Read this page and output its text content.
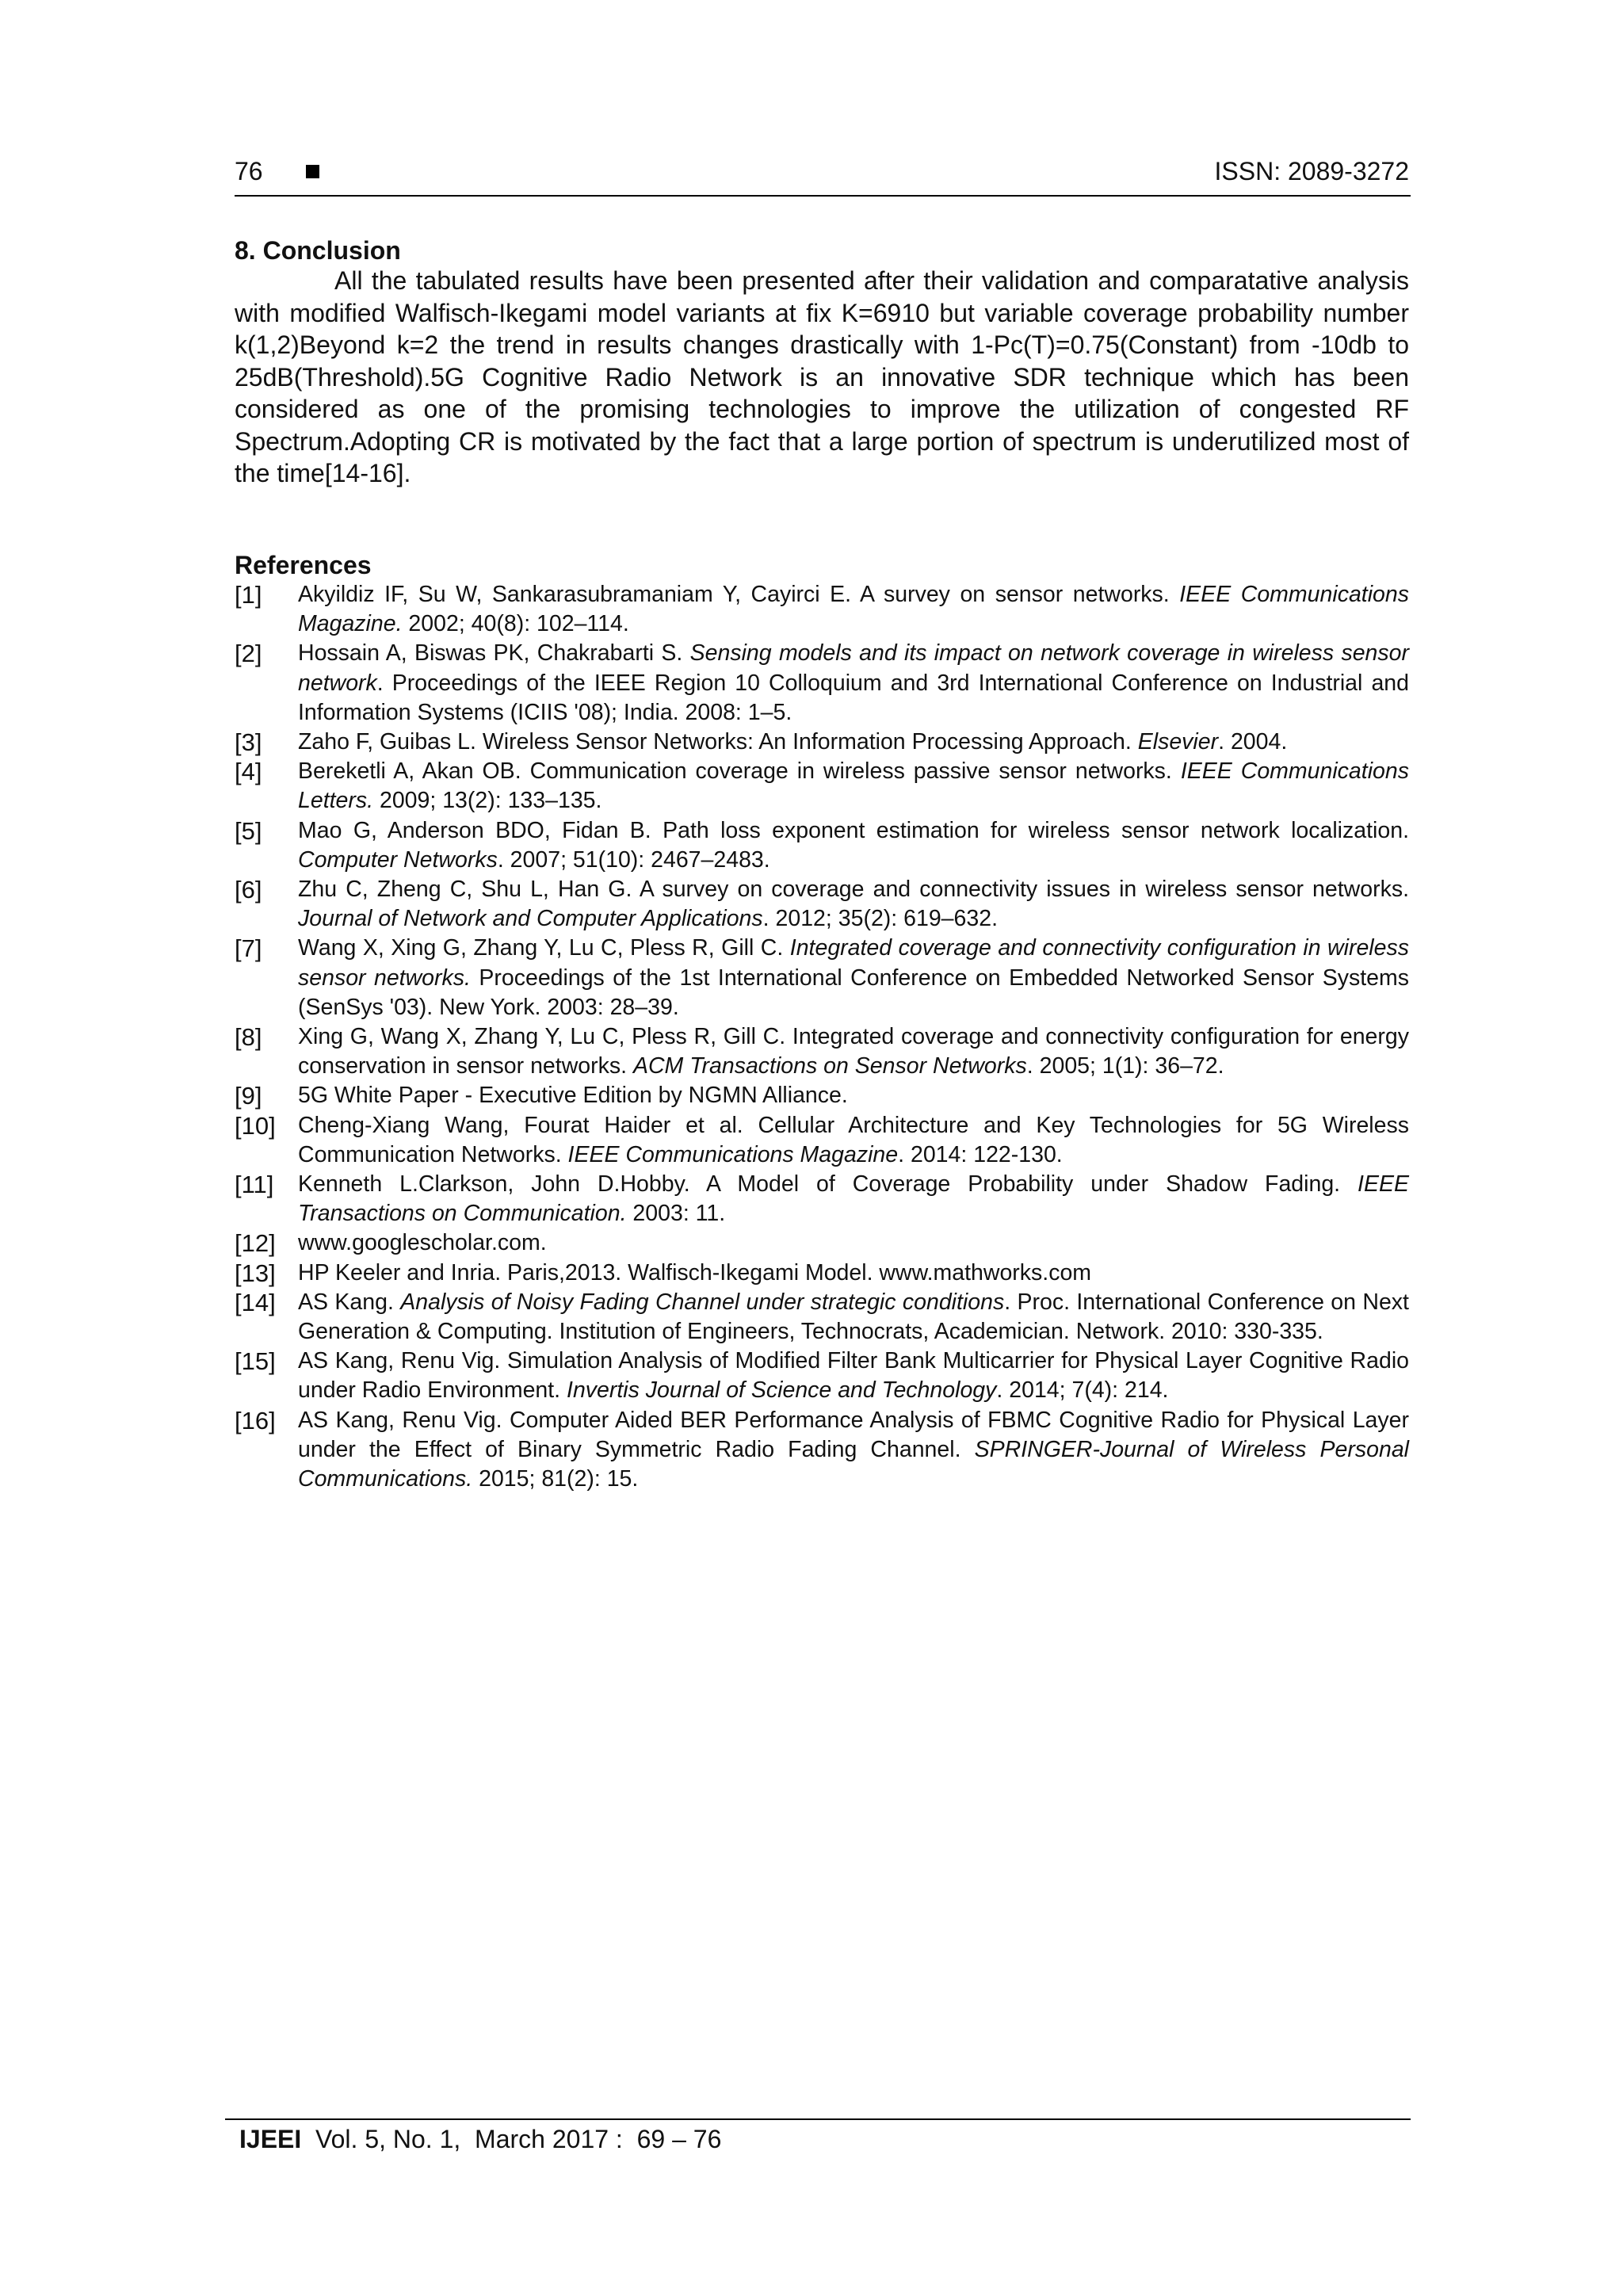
76	ISSN: 2089-3272
8. Conclusion

All the tabulated results have been presented after their validation and comparatative analysis with modified Walfisch-Ikegami model variants at fix K=6910 but variable coverage probability number k(1,2)Beyond k=2 the trend in results changes drastically with 1-Pc(T)=0.75(Constant) from -10db to 25dB(Threshold).5G Cognitive Radio Network is an innovative SDR technique which has been considered as one of the promising technologies to improve the utilization of congested RF Spectrum.Adopting CR is motivated by the fact that a large portion of spectrum is underutilized most of the time[14-16].

References
[1] Akyildiz IF, Su W, Sankarasubramaniam Y, Cayirci E. A survey on sensor networks. IEEE Communications Magazine. 2002; 40(8): 102–114.
[2] Hossain A, Biswas PK, Chakrabarti S. Sensing models and its impact on network coverage in wireless sensor network. Proceedings of the IEEE Region 10 Colloquium and 3rd International Conference on Industrial and Information Systems (ICIIS '08); India. 2008: 1–5.
[3] Zaho F, Guibas L. Wireless Sensor Networks: An Information Processing Approach. Elsevier. 2004.
[4] Bereketli A, Akan OB. Communication coverage in wireless passive sensor networks. IEEE Communications Letters. 2009; 13(2): 133–135.
[5] Mao G, Anderson BDO, Fidan B. Path loss exponent estimation for wireless sensor network localization. Computer Networks. 2007; 51(10): 2467–2483.
[6] Zhu C, Zheng C, Shu L, Han G. A survey on coverage and connectivity issues in wireless sensor networks. Journal of Network and Computer Applications. 2012; 35(2): 619–632.
[7] Wang X, Xing G, Zhang Y, Lu C, Pless R, Gill C. Integrated coverage and connectivity configuration in wireless sensor networks. Proceedings of the 1st International Conference on Embedded Networked Sensor Systems (SenSys '03). New York. 2003: 28–39.
[8] Xing G, Wang X, Zhang Y, Lu C, Pless R, Gill C. Integrated coverage and connectivity configuration for energy conservation in sensor networks. ACM Transactions on Sensor Networks. 2005; 1(1): 36–72.
[9] 5G White Paper - Executive Edition by NGMN Alliance.
[10] Cheng-Xiang Wang, Fourat Haider et al. Cellular Architecture and Key Technologies for 5G Wireless Communication Networks. IEEE Communications Magazine. 2014: 122-130.
[11] Kenneth L.Clarkson, John D.Hobby. A Model of Coverage Probability under Shadow Fading. IEEE Transactions on Communication. 2003: 11.
[12] www.googlescholar.com.
[13] HP Keeler and Inria. Paris,2013. Walfisch-Ikegami Model. www.mathworks.com
[14] AS Kang. Analysis of Noisy Fading Channel under strategic conditions. Proc. International Conference on Next Generation & Computing. Institution of Engineers, Technocrats, Academician. Network. 2010: 330-335.
[15] AS Kang, Renu Vig. Simulation Analysis of Modified Filter Bank Multicarrier for Physical Layer Cognitive Radio under Radio Environment. Invertis Journal of Science and Technology. 2014; 7(4): 214.
[16] AS Kang, Renu Vig. Computer Aided BER Performance Analysis of FBMC Cognitive Radio for Physical Layer under the Effect of Binary Symmetric Radio Fading Channel. SPRINGER-Journal of Wireless Personal Communications. 2015; 81(2): 15.
IJEEI  Vol. 5, No. 1,  March 2017 :  69 – 76
